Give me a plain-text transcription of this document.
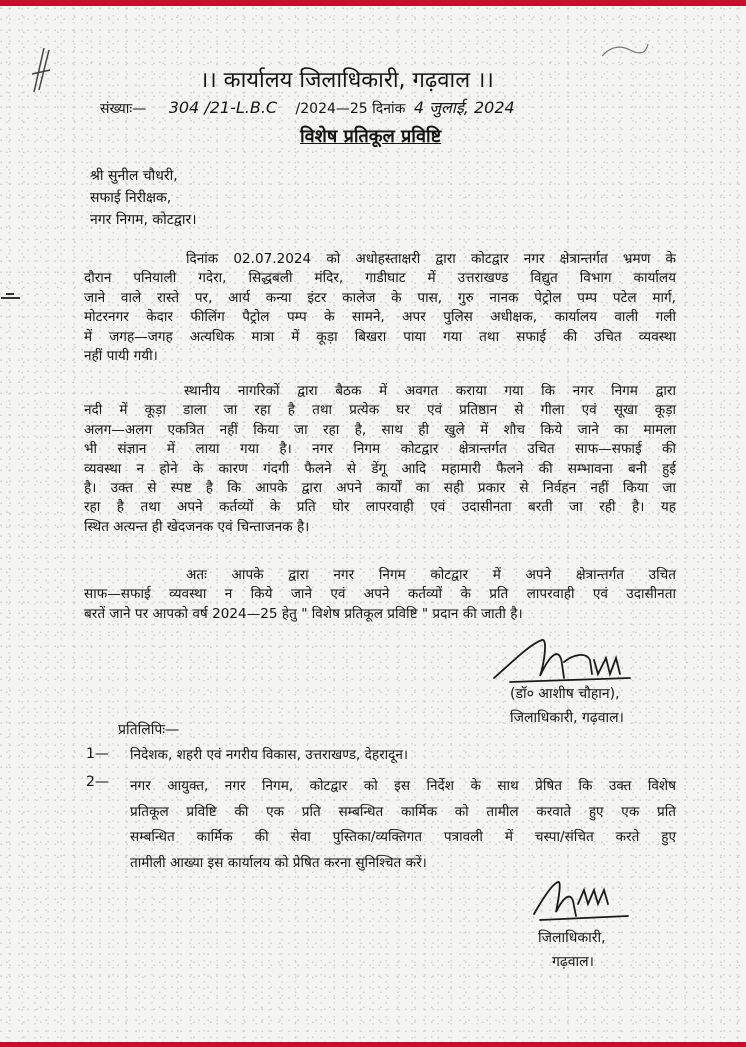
।। कार्यालय जिलाधिकारी, गढ़वाल ।।
संख्याः— 304 /21-L.B.C /2024—25 दिनांक 4 जुलाई, 2024
विशेष प्रतिकूल प्रविष्टि
श्री सुनील चौधरी,
सफाई निरीक्षक,
नगर निगम, कोटद्वार।
दिनांक 02.07.2024 को अधोहस्ताक्षरी द्वारा कोटद्वार नगर क्षेत्रान्तर्गत भ्रमण के
दौरान पनियाली गदेरा, सिद्धबली मंदिर, गाडीघाट में उत्तराखण्ड विद्युत विभाग कार्यालय
जाने वाले रास्ते पर, आर्य कन्या इंटर कालेज के पास, गुरु नानक पेट्रोल पम्प पटेल मार्ग,
मोटरनगर केदार फीलिंग पैट्रोल पम्प के सामने, अपर पुलिस अधीक्षक, कार्यालय वाली गली
में जगह—जगह अत्यधिक मात्रा में कूड़ा बिखरा पाया गया तथा सफाई की उचित व्यवस्था
नहीं पायी गयी।
स्थानीय नागरिकों द्वारा बैठक में अवगत कराया गया कि नगर निगम द्वारा
नदी में कूड़ा डाला जा रहा है तथा प्रत्येक घर एवं प्रतिष्ठान से गीला एवं सूखा कूड़ा
अलग—अलग एकत्रित नहीं किया जा रहा है, साथ ही खुले में शौच किये जाने का मामला
भी संज्ञान में लाया गया है। नगर निगम कोटद्वार क्षेत्रान्तर्गत उचित साफ—सफाई की
व्यवस्था न होने के कारण गंदगी फैलने से डेंगू आदि महामारी फैलने की सम्भावना बनी हुई
है। उक्त से स्पष्ट है कि आपके द्वारा अपने कार्यों का सही प्रकार से निर्वहन नहीं किया जा
रहा है तथा अपने कर्तव्यों के प्रति घोर लापरवाही एवं उदासीनता बरती जा रही है। यह
स्थित अत्यन्त ही खेदजनक एवं चिन्ताजनक है।
अतः आपके द्वारा नगर निगम कोटद्वार में अपने क्षेत्रान्तर्गत उचित
साफ—सफाई व्यवस्था न किये जाने एवं अपने कर्तव्यों के प्रति लापरवाही एवं उदासीनता
बरतें जाने पर आपको वर्ष 2024—25 हेतु " विशेष प्रतिकूल प्रविष्टि " प्रदान की जाती है।
(डॉ० आशीष चौहान),
जिलाधिकारी, गढ़वाल।
प्रतिलिपिः—
1— निदेशक, शहरी एवं नगरीय विकास, उत्तराखण्ड, देहरादून।
2— नगर आयुक्त, नगर निगम, कोटद्वार को इस निर्देश के साथ प्रेषित कि उक्त विशेष
प्रतिकूल प्रविष्टि की एक प्रति सम्बन्धित कार्मिक को तामील करवाते हुए एक प्रति
सम्बन्धित कार्मिक की सेवा पुस्तिका/व्यक्तिगत पत्रावली में चस्पा/संचित करते हुए
तामीली आख्या इस कार्यालय को प्रेषित करना सुनिश्चित करें।
जिलाधिकारी,
गढ़वाल।
